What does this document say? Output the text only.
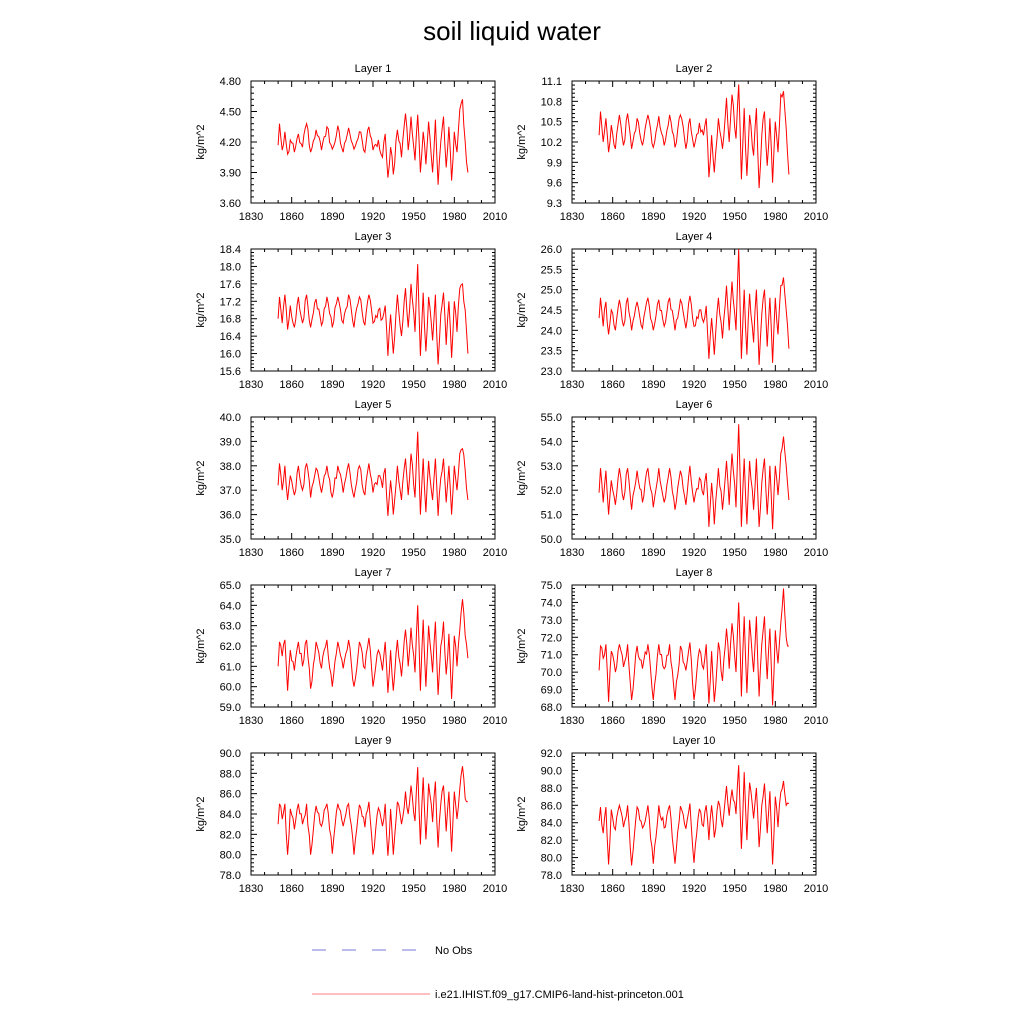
soil liquid water
Layer 1
kg/m^2
1830 1860 1890 1920 1950 1980 2010
3.60
3.90
4.20
4.50
4.80
Layer 2
kg/m^2
1830 1860 1890 1920 1950 1980 2010
9.3
9.6
9.9
10.2
10.5
10.8
11.1
Layer 3
kg/m^2
1830 1860 1890 1920 1950 1980 2010
15.6
16.0
16.4
16.8
17.2
17.6
18.0
18.4
Layer 4
kg/m^2
1830 1860 1890 1920 1950 1980 2010
23.0
23.5
24.0
24.5
25.0
25.5
26.0
Layer 5
kg/m^2
1830 1860 1890 1920 1950 1980 2010
35.0
36.0
37.0
38.0
39.0
40.0
Layer 6
kg/m^2
1830 1860 1890 1920 1950 1980 2010
50.0
51.0
52.0
53.0
54.0
55.0
Layer 7
kg/m^2
1830 1860 1890 1920 1950 1980 2010
59.0
60.0
61.0
62.0
63.0
64.0
65.0
Layer 8
kg/m^2
1830 1860 1890 1920 1950 1980 2010
68.0
69.0
70.0
71.0
72.0
73.0
74.0
75.0
Layer 9
kg/m^2
1830 1860 1890 1920 1950 1980 2010
78.0
80.0
82.0
84.0
86.0
88.0
90.0
Layer 10
kg/m^2
1830 1860 1890 1920 1950 1980 2010
78.0
80.0
82.0
84.0
86.0
88.0
90.0
92.0
No Obs
i.e21.IHIST.f09_g17.CMIP6-land-hist-princeton.001
